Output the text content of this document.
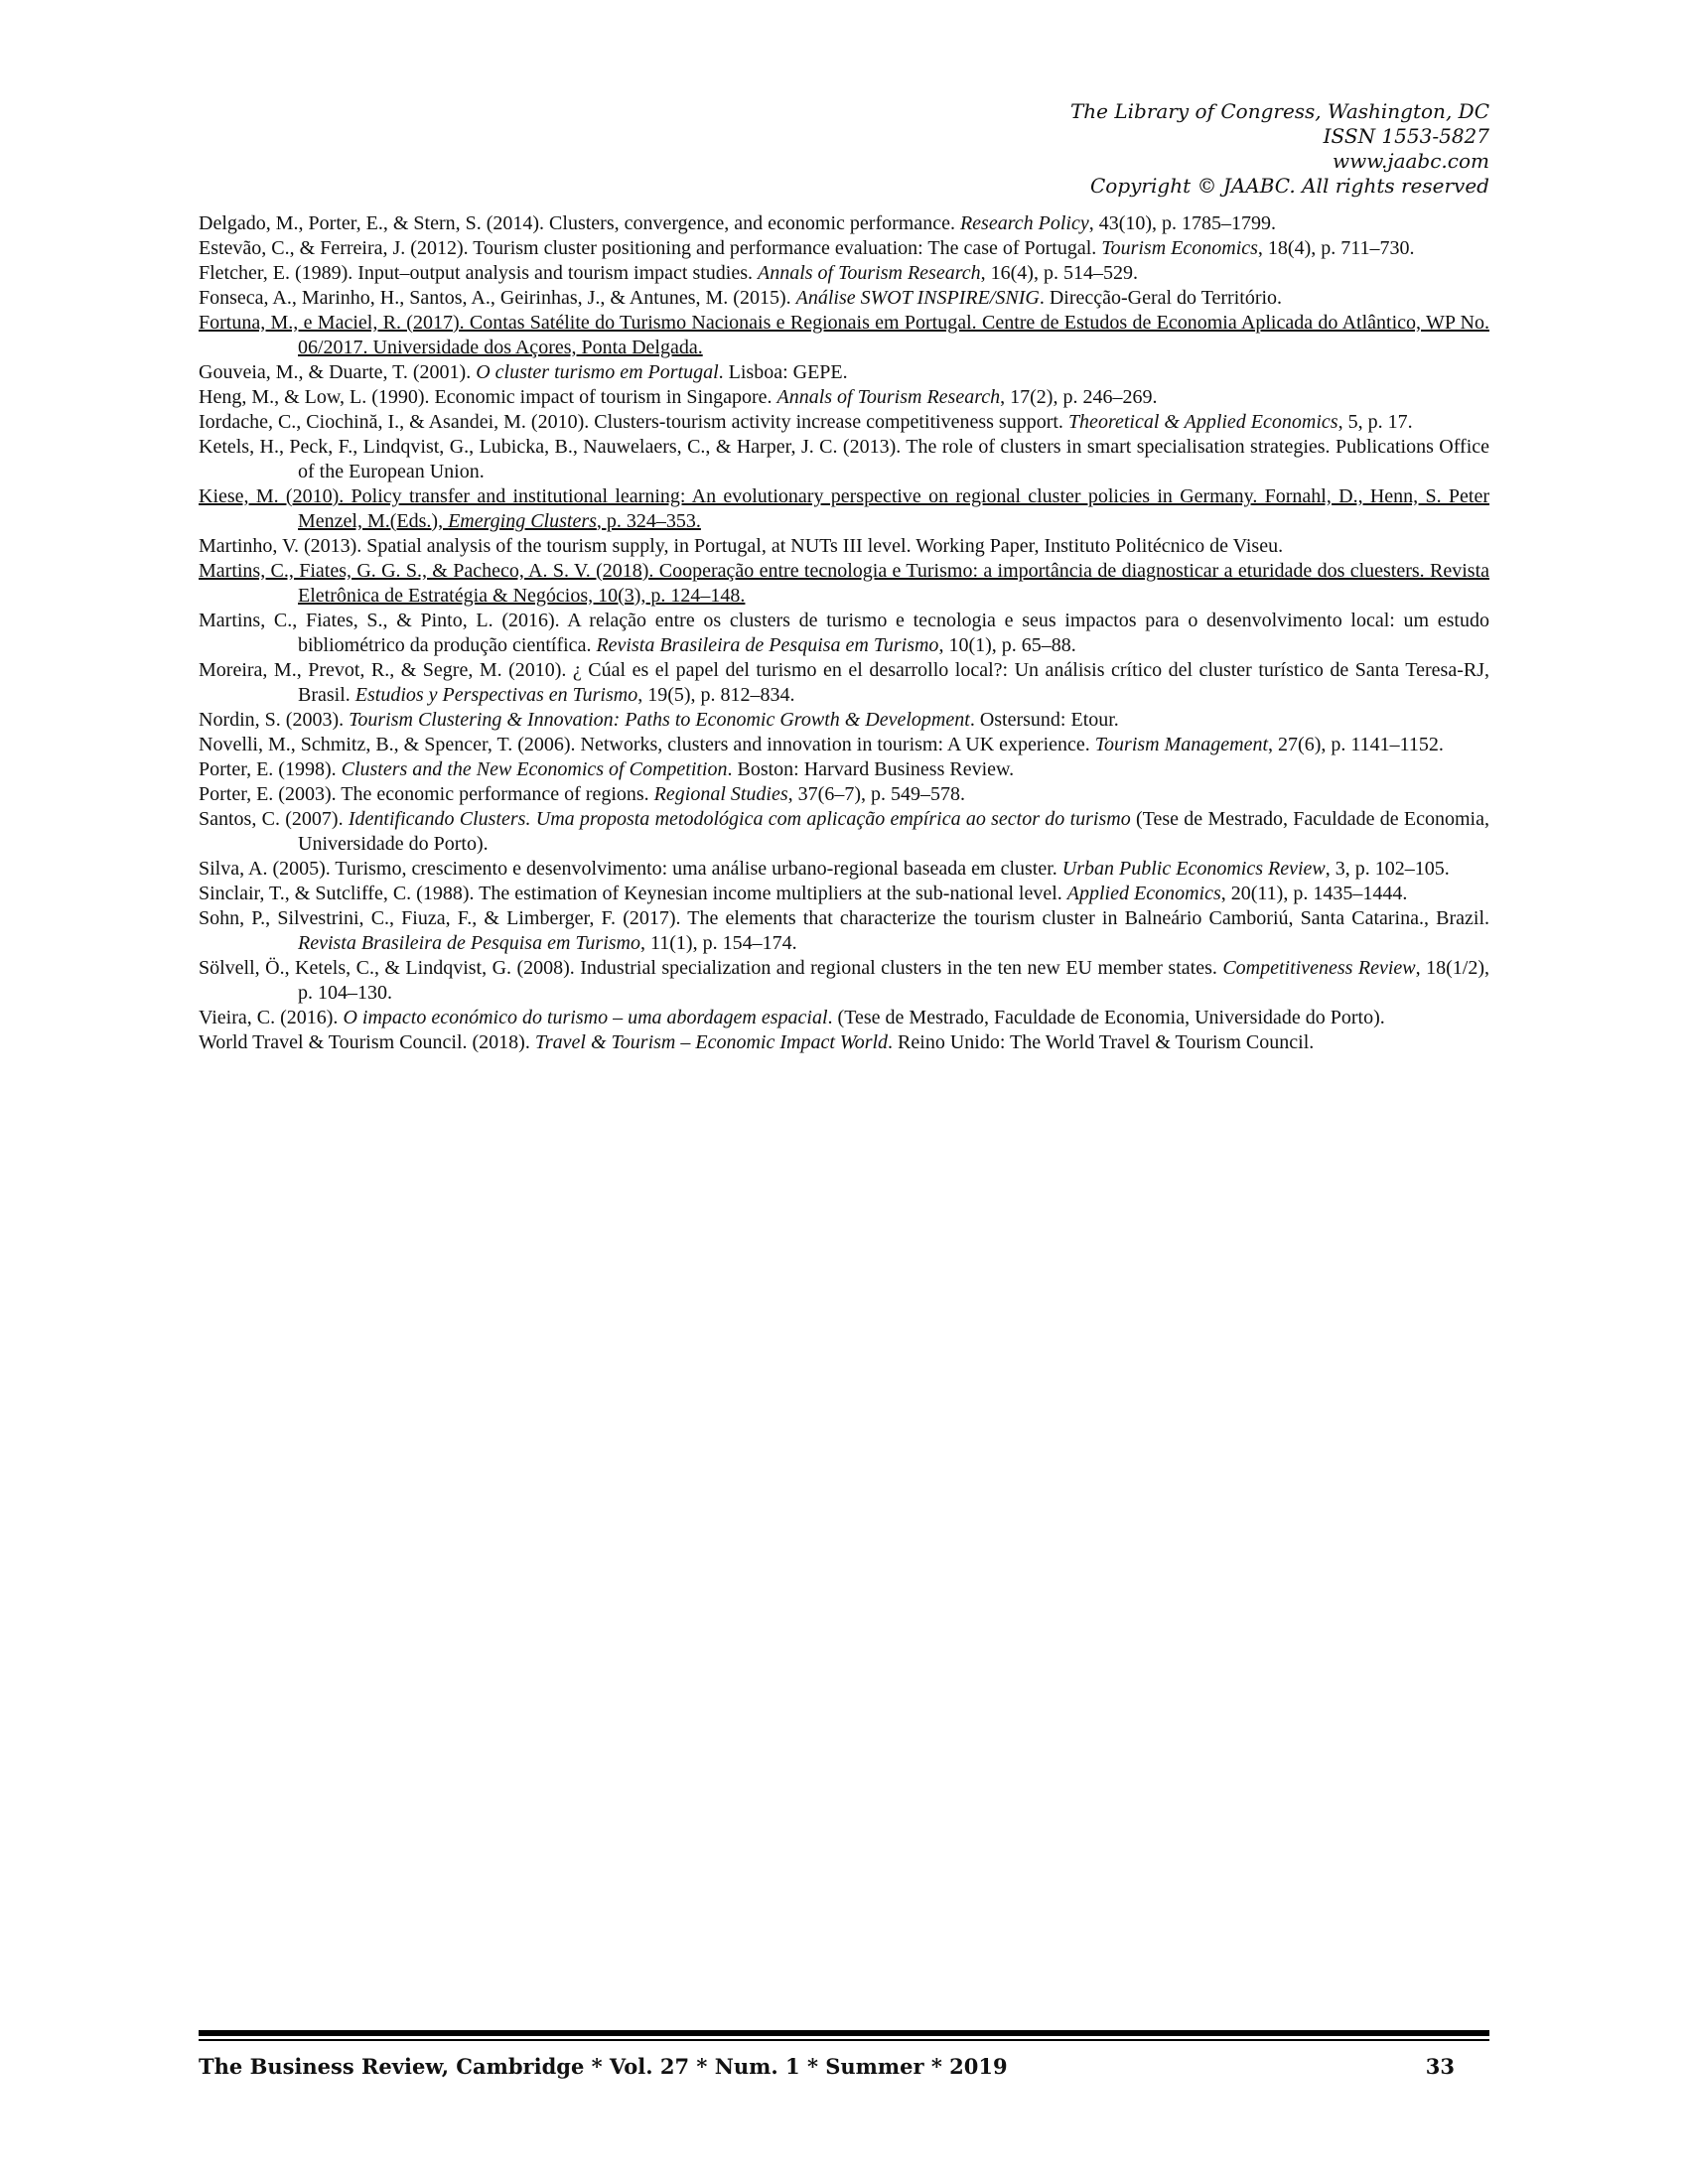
The Library of Congress, Washington, DC
ISSN 1553-5827
www.jaabc.com
Copyright © JAABC. All rights reserved

Delgado, M., Porter, E., & Stern, S. (2014). Clusters, convergence, and economic performance. Research Policy, 43(10), p. 1785–1799.

Estevão, C., & Ferreira, J. (2012). Tourism cluster positioning and performance evaluation: The case of Portugal. Tourism Economics, 18(4), p. 711–730.

Fletcher, E. (1989). Input–output analysis and tourism impact studies. Annals of Tourism Research, 16(4), p. 514–529.

Fonseca, A., Marinho, H., Santos, A., Geirinhas, J., & Antunes, M. (2015). Análise SWOT INSPIRE/SNIG. Direcção-Geral do Território.

Fortuna, M., e Maciel, R. (2017). Contas Satélite do Turismo Nacionais e Regionais em Portugal. Centre de Estudos de Economia Aplicada do Atlântico, WP No. 06/2017. Universidade dos Açores, Ponta Delgada.

Gouveia, M., & Duarte, T. (2001). O cluster turismo em Portugal. Lisboa: GEPE.

Heng, M., & Low, L. (1990). Economic impact of tourism in Singapore. Annals of Tourism Research, 17(2), p. 246–269.

Iordache, C., Ciochină, I., & Asandei, M. (2010). Clusters-tourism activity increase competitiveness support. Theoretical & Applied Economics, 5, p. 17.

Ketels, H., Peck, F., Lindqvist, G., Lubicka, B., Nauwelaers, C., & Harper, J. C. (2013). The role of clusters in smart specialisation strategies. Publications Office of the European Union.

Kiese, M. (2010). Policy transfer and institutional learning: An evolutionary perspective on regional cluster policies in Germany. Fornahl, D., Henn, S. Peter Menzel, M.(Eds.), Emerging Clusters, p. 324–353.

Martinho, V. (2013). Spatial analysis of the tourism supply, in Portugal, at NUTs III level. Working Paper, Instituto Politécnico de Viseu.

Martins, C., Fiates, G. G. S., & Pacheco, A. S. V. (2018). Cooperação entre tecnologia e Turismo: a importância de diagnosticar a eturidade dos cluesters. Revista Eletrônica de Estratégia & Negócios, 10(3), p. 124–148.

Martins, C., Fiates, S., & Pinto, L. (2016). A relação entre os clusters de turismo e tecnologia e seus impactos para o desenvolvimento local: um estudo bibliométrico da produção científica. Revista Brasileira de Pesquisa em Turismo, 10(1), p. 65–88.

Moreira, M., Prevot, R., & Segre, M. (2010). ¿ Cúal es el papel del turismo en el desarrollo local?: Un análisis crítico del cluster turístico de Santa Teresa-RJ, Brasil. Estudios y Perspectivas en Turismo, 19(5), p. 812–834.

Nordin, S. (2003). Tourism Clustering & Innovation: Paths to Economic Growth & Development. Ostersund: Etour.

Novelli, M., Schmitz, B., & Spencer, T. (2006). Networks, clusters and innovation in tourism: A UK experience. Tourism Management, 27(6), p. 1141–1152.

Porter, E. (1998). Clusters and the New Economics of Competition. Boston: Harvard Business Review.

Porter, E. (2003). The economic performance of regions. Regional Studies, 37(6–7), p. 549–578.

Santos, C. (2007). Identificando Clusters. Uma proposta metodológica com aplicação empírica ao sector do turismo (Tese de Mestrado, Faculdade de Economia, Universidade do Porto).

Silva, A. (2005). Turismo, crescimento e desenvolvimento: uma análise urbano-regional baseada em cluster. Urban Public Economics Review, 3, p. 102–105.

Sinclair, T., & Sutcliffe, C. (1988). The estimation of Keynesian income multipliers at the sub-national level. Applied Economics, 20(11), p. 1435–1444.

Sohn, P., Silvestrini, C., Fiuza, F., & Limberger, F. (2017). The elements that characterize the tourism cluster in Balneário Camboriú, Santa Catarina., Brazil. Revista Brasileira de Pesquisa em Turismo, 11(1), p. 154–174.

Sölvell, Ö., Ketels, C., & Lindqvist, G. (2008). Industrial specialization and regional clusters in the ten new EU member states. Competitiveness Review, 18(1/2), p. 104–130.

Vieira, C. (2016). O impacto económico do turismo – uma abordagem espacial. (Tese de Mestrado, Faculdade de Economia, Universidade do Porto).

World Travel & Tourism Council. (2018). Travel & Tourism – Economic Impact World. Reino Unido: The World Travel & Tourism Council.

The Business Review, Cambridge * Vol. 27 * Num. 1 * Summer * 2019	33
